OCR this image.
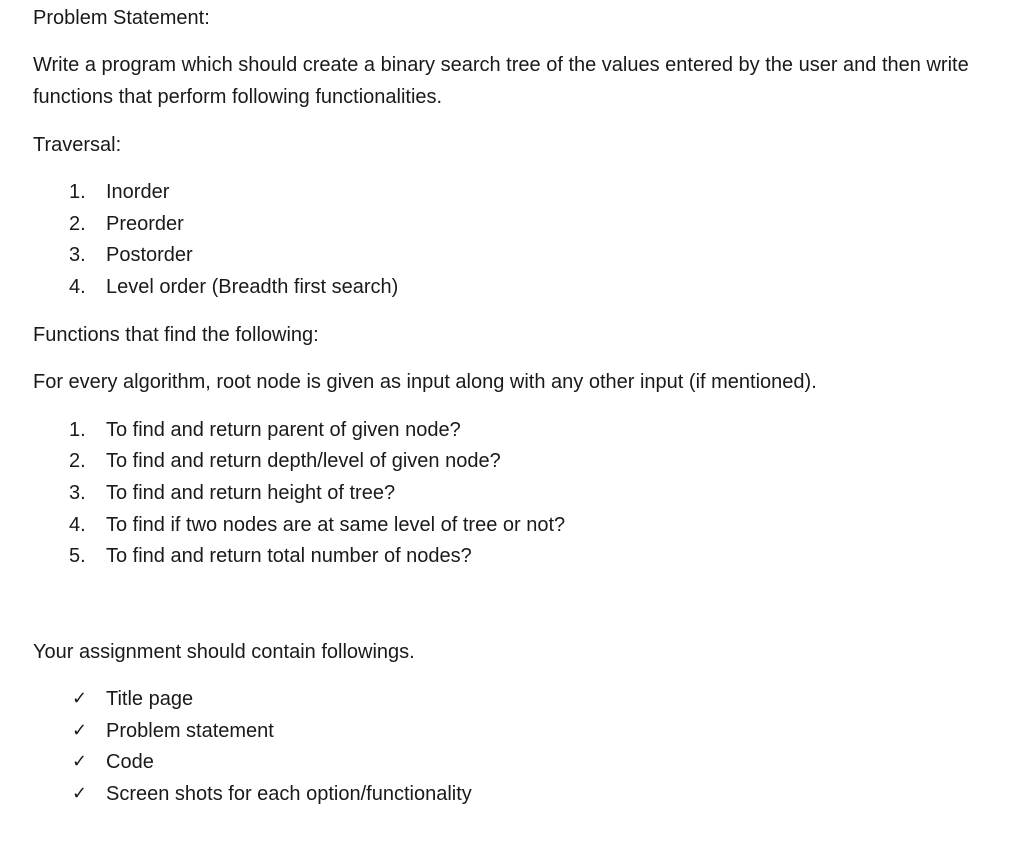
Problem Statement:
Write a program which should create a binary search tree of the values entered by the user and then write functions that perform following functionalities.
Traversal:
1.	Inorder
2.	Preorder
3.	Postorder
4.	Level order (Breadth first search)
Functions that find the following:
For every algorithm, root node is given as input along with any other input (if mentioned).
1.	To find and return parent of given node?
2.	To find and return depth/level of given node?
3.	To find and return height of tree?
4.	To find if two nodes are at same level of tree or not?
5.	To find and return total number of nodes?
Your assignment should contain followings.
✓ Title page
✓ Problem statement
✓ Code
✓ Screen shots for each option/functionality
